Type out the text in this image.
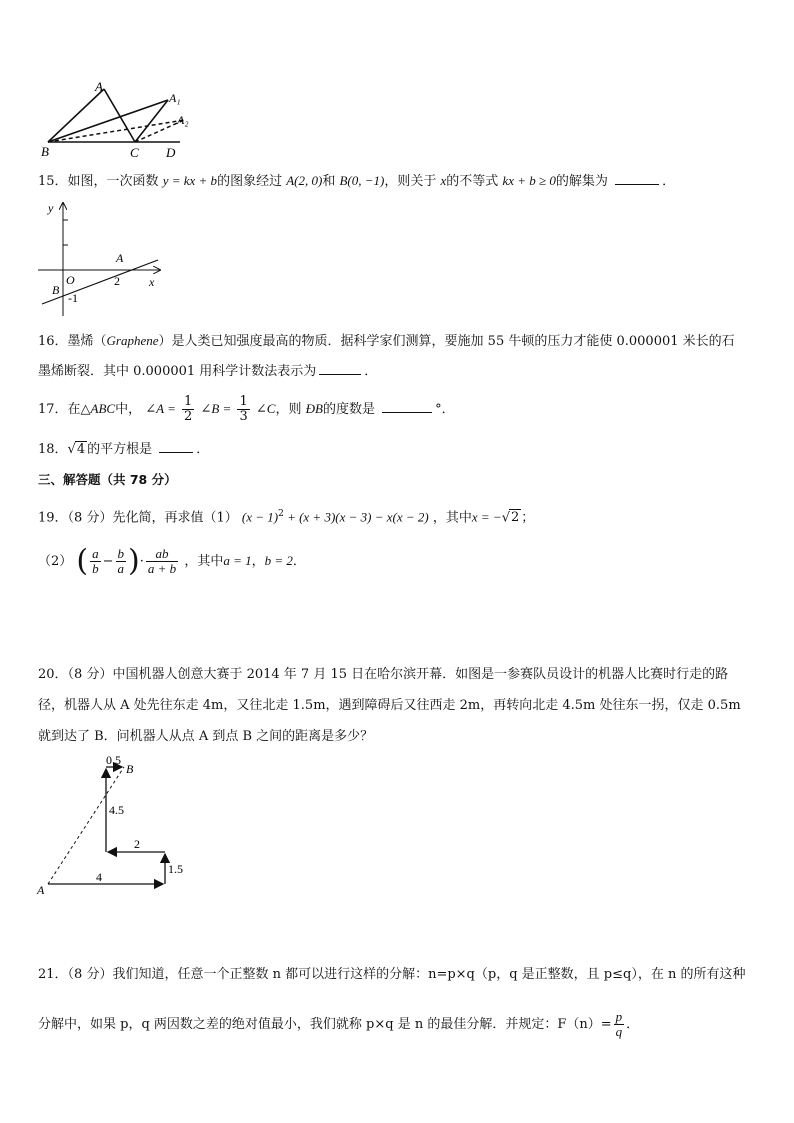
A
A₁
A₂
B	C D
15．如图，一次函数 y = kx + b的图象经过 A(2, 0)和 B(0, −1)，则关于 x的不等式 kx + b ≥ 0的解集为	．
y
x
O
A
2
B
-1
16．墨烯（Graphene）是人类已知强度最高的物质．据科学家们测算，要施加 55 牛顿的压力才能使 0.000001 米长的石
墨烯断裂．其中 0.000001 用科学计数法表示为	．
17．在△ABC中， ∠A = $\frac{1}{2}$ ∠B = $\frac{1}{3}$ ∠C，则 ÐB的度数是	°．
18．√4 的平方根是	．
三、解答题（共 78 分）
19．（8 分）先化简，再求值（1） $(x - 1)^2 + (x + 3)(x - 3) - x(x - 2)$ ，其中x = −√2 ；
（2） ( $\frac{a}{b} - \frac{b}{a}$ )· $\frac{ab}{a + b}$ ，其中a = 1，b = 2．
20．（8 分）中国机器人创意大赛于 2014 年 7 月 15 日在哈尔滨开幕．如图是一参赛队员设计的机器人比赛时行走的路
径，机器人从 A 处先往东走 4m，又往北走 1.5m，遇到障碍后又往西走 2m，再转向北走 4.5m 处往东一拐，仅走 0.5m
就到达了 B．问机器人从点 A 到点 B 之间的距离是多少？
0.5
B
4.5
2
1.5
A
4
21．（8 分）我们知道，任意一个正整数 n 都可以进行这样的分解：n=p×q（p，q 是正整数，且 p≤q），在 n 的所有这种
分解中，如果 p，q 两因数之差的绝对值最小，我们就称 p×q 是 n 的最佳分解．并规定：$F(n)= \frac{p}{q}$ ．
